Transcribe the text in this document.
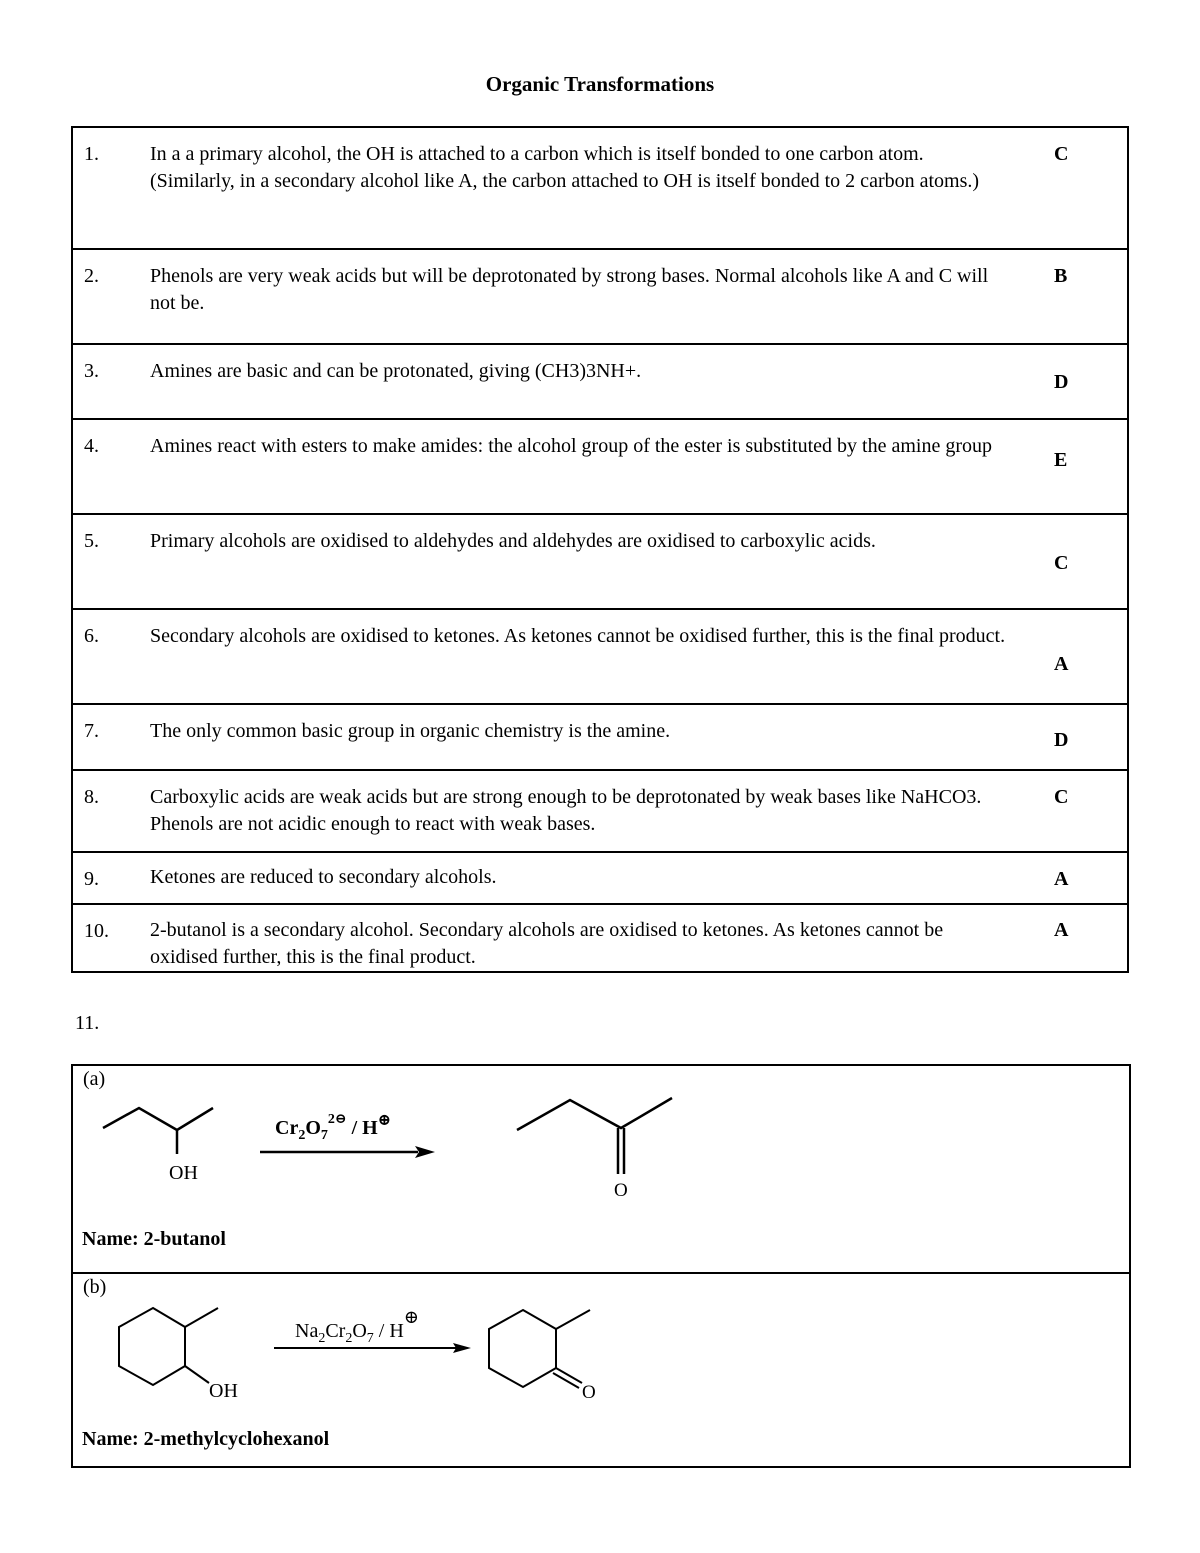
Organic Transformations
1.	In a a primary alcohol, the OH is attached to a carbon which is itself bonded to one carbon atom. (Similarly, in a secondary alcohol like A, the carbon attached to OH is itself bonded to 2 carbon atoms.)	C
2.	Phenols are very weak acids but will be deprotonated by strong bases. Normal alcohols like A and C will not be.	B
3.	Amines are basic and can be protonated, giving (CH3)3NH+.	D
4.	Amines react with esters to make amides: the alcohol group of the ester is substituted by the amine group	E
5.	Primary alcohols are oxidised to aldehydes and aldehydes are oxidised to carboxylic acids.	C
6.	Secondary alcohols are oxidised to ketones. As ketones cannot be oxidised further, this is the final product.	A
7.	The only common basic group in organic chemistry is the amine.	D
8.	Carboxylic acids are weak acids but are strong enough to be deprotonated by weak bases like NaHCO3. Phenols are not acidic enough to react with weak bases.	C
9.	Ketones are reduced to secondary alcohols.	A
10.	2-butanol is a secondary alcohol. Secondary alcohols are oxidised to ketones. As ketones cannot be oxidised further, this is the final product.	A
11.
(a)
Name: 2-butanol
(b)
Name: 2-methylcyclohexanol
OH
$Cr_2O_7^{2⊖} / H^\oplus$
O
OH
$Na_2Cr_2O_7$ / H⊕
O
